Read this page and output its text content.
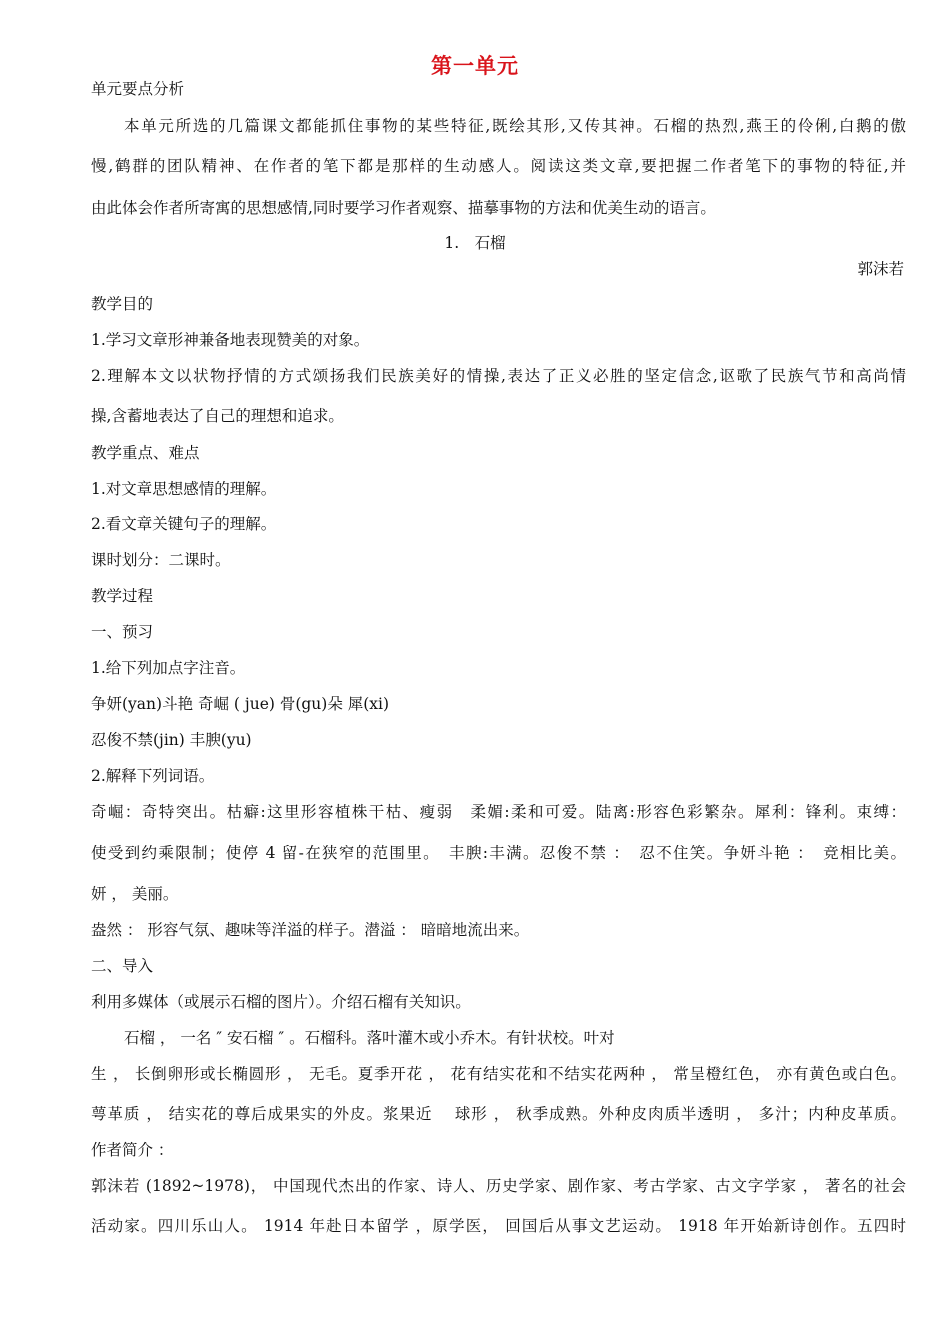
第一单元
单元要点分析
本单元所选的几篇课文都能抓住事物的某些特征,既绘其形,又传其神。石榴的热烈,燕王的伶俐,白鹅的傲
慢,鹤群的团队精神、在作者的笔下都是那样的生动感人。阅读这类文章,要把握二作者笔下的事物的特征,并
由此体会作者所寄寓的思想感情,同时要学习作者观察、描摹事物的方法和优美生动的语言。
1.　石榴
郭沫若
教学目的
1.学习文章形神兼备地表现赞美的对象。
2.理解本文以状物抒情的方式颂扬我们民族美好的情操,表达了正义必胜的坚定信念,讴歌了民族气节和高尚情
操,含蓄地表达了自己的理想和追求。
教学重点、难点
1.对文章思想感情的理解。
2.看文章关键句子的理解。
课时划分：二课时。
教学过程
一、预习
1.给下列加点字注音。
争妍(yan)斗艳 奇崛 ( jue) 骨(gu)朵 犀(xi)
忍俊不禁(jin) 丰腴(yu)
2.解释下列词语。
奇崛：奇特突出。枯癖:这里形容植株干枯、瘦弱　柔媚:柔和可爱。陆离:形容色彩繁杂。犀利：锋利。束缚：
使受到约乘限制；使停 4 留-在狭窄的范围里。　丰腴:丰满。忍俊不禁 ：　忍不住笑。争妍斗艳 ：　竞相比美。
妍 ， 美丽。
盎然 ： 形容气氛、趣味等洋溢的样子。潜溢 ： 暗暗地流出来。
二、导入
利用多媒体（或展示石榴的图片）。介绍石榴有关知识。
石榴 ， 一名 ″ 安石榴 ″ 。石榴科。落叶灌木或小乔木。有针状校。叶对
生 ， 长倒卵形或长椭圆形 ， 无毛。夏季开花 ， 花有结实花和不结实花两种 ， 常呈橙红色， 亦有黄色或白色。
萼革质 ， 结实花的尊后成果实的外皮。浆果近　 球形 ， 秋季成熟。外种皮肉质半透明 ， 多汁；内种皮革质。
作者简介 ：
郭沫若 (1892~1978)， 中国现代杰出的作家、诗人、历史学家、剧作家、考古学家、古文字学家 ， 著名的社会
活动家。四川乐山人。 1914 年赴日本留学 ，原学医， 回国后从事文艺运动。 1918 年开始新诗创作。五四时
